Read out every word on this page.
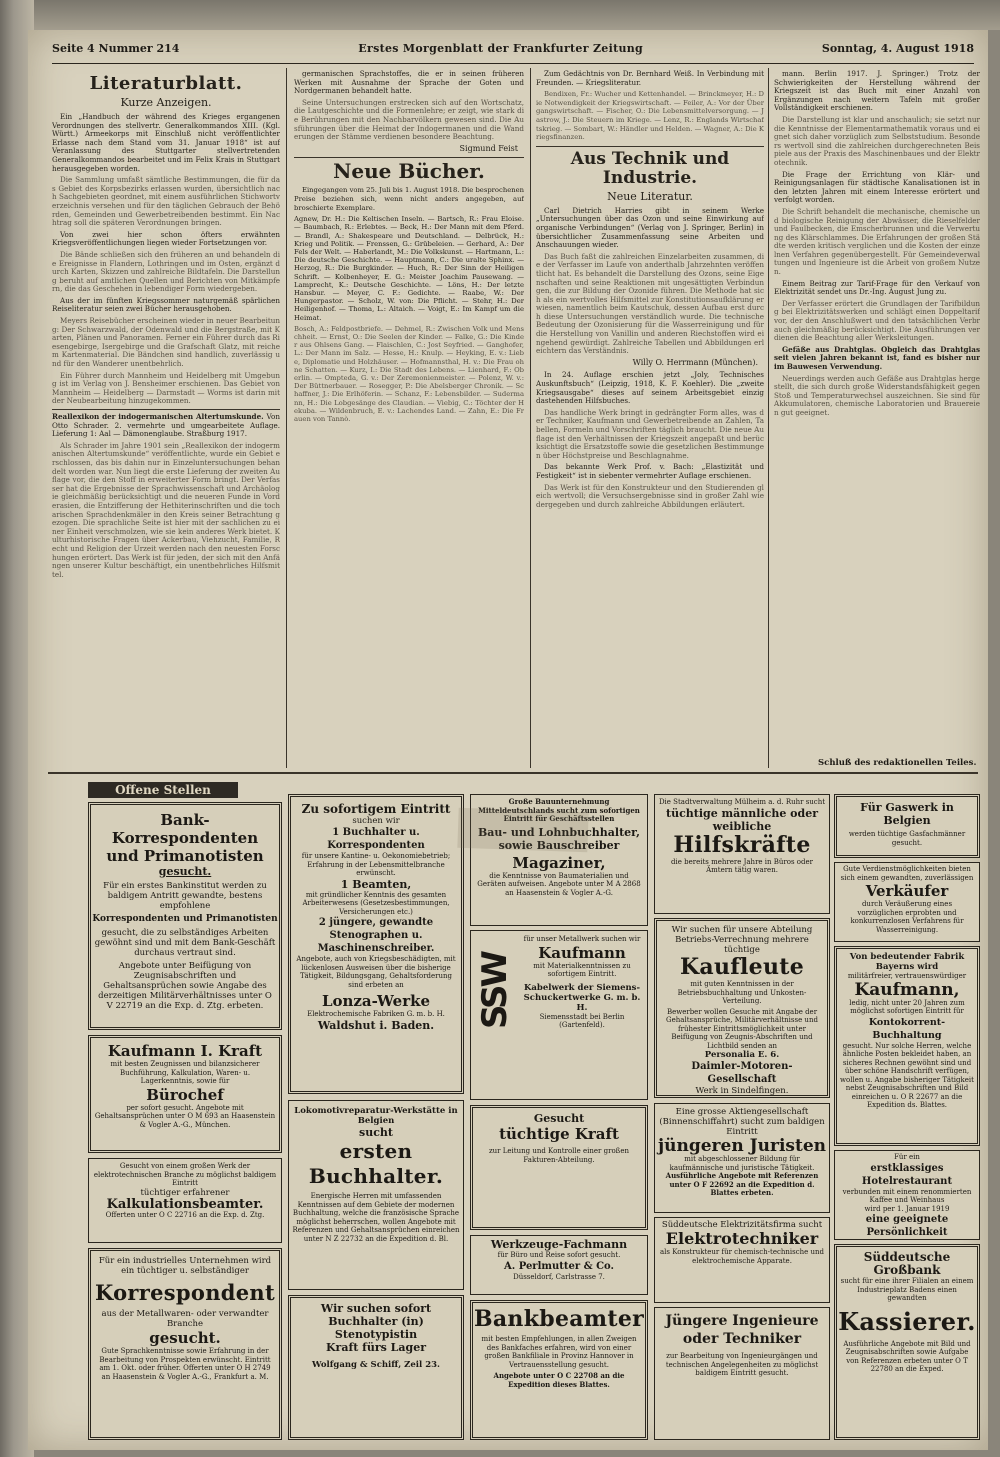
Seite 4 Nummer 214	Erstes Morgenblatt der Frankfurter Zeitung	Sonntag, 4. August 1918
Literaturblatt.
Kurze Anzeigen.

Ein „Handbuch der während des Krieges ergangenen Verordnungen des stellvertr. Generalkommandos XIII. (Kgl. Württ.) Armeekorps mit Einschluß nicht veröffentlichter Erlasse nach dem Stand vom 31. Januar 1918“ ist auf Veranlassung des Stuttgarter stellvertretenden Generalkommandos bearbeitet und im Felix Krais in Stuttgart herausgegeben worden.

Die Sammlung umfaßt sämtliche Bestimmungen, die für das Gebiet des Korpsbezirks erlassen wurden, übersichtlich nach Sachgebieten geordnet, mit einem ausführlichen Stichwortverzeichnis versehen und für den täglichen Gebrauch der Behörden, Gemeinden und Gewerbetreibenden bestimmt. Ein Nachtrag soll die späteren Verordnungen bringen.

Von zwei hier schon öfters erwähnten Kriegsveröffentlichungen liegen wieder Fortsetzungen vor.

Die Bände schließen sich den früheren an und behandeln die Ereignisse in Flandern, Lothringen und im Osten, ergänzt durch Karten, Skizzen und zahlreiche Bildtafeln. Die Darstellung beruht auf amtlichen Quellen und Berichten von Mitkämpfern, die das Geschehen in lebendiger Form wiedergeben.

Aus der im fünften Kriegssommer naturgemäß spärlichen Reiseliteratur seien zwei Bücher herausgehoben.

Meyers Reisebücher erscheinen wieder in neuer Bearbeitung: Der Schwarzwald, der Odenwald und die Bergstraße, mit Karten, Plänen und Panoramen. Ferner ein Führer durch das Riesengebirge, Isergebirge und die Grafschaft Glatz, mit reichem Kartenmaterial. Die Bändchen sind handlich, zuverlässig und für den Wanderer unentbehrlich.

Ein Führer durch Mannheim und Heidelberg mit Umgebung ist im Verlag von J. Bensheimer erschienen. Das Gebiet von Mannheim — Heidelberg — Darmstadt — Worms ist darin mit der Neubearbeitung hinzugekommen.

Reallexikon der indogermanischen Altertumskunde. Von Otto Schrader. 2. vermehrte und umgearbeitete Auflage. Lieferung 1: Aal — Dämonenglaube. Straßburg 1917.

Als Schrader im Jahre 1901 sein „Reallexikon der indogermanischen Altertumskunde“ veröffentlichte, wurde ein Gebiet erschlossen, das bis dahin nur in Einzeluntersuchungen behandelt worden war. Nun liegt die erste Lieferung der zweiten Auflage vor, die den Stoff in erweiterter Form bringt. Der Verfasser hat die Ergebnisse der Sprachwissenschaft und Archäologie gleichmäßig berücksichtigt und die neueren Funde in Vorderasien, die Entzifferung der Hethiterinschriften und die tocharischen Sprachdenkmäler in den Kreis seiner Betrachtung gezogen. Die sprachliche Seite ist hier mit der sachlichen zu einer Einheit verschmolzen, wie sie kein anderes Werk bietet. Kulturhistorische Fragen über Ackerbau, Viehzucht, Familie, Recht und Religion der Urzeit werden nach den neuesten Forschungen erörtert. Das Werk ist für jeden, der sich mit den Anfängen unserer Kultur beschäftigt, ein unentbehrliches Hilfsmittel.

germanischen Sprachstoffes, die er in seinen früheren Werken mit Ausnahme der Sprache der Goten und Nordgermanen behandelt hatte.

Seine Untersuchungen erstrecken sich auf den Wortschatz, die Lautgeschichte und die Formenlehre; er zeigt, wie stark die Berührungen mit den Nachbarvölkern gewesen sind. Die Ausführungen über die Heimat der Indogermanen und die Wanderungen der Stämme verdienen besondere Beachtung.

Sigmund Feist
Neue Bücher.

Eingegangen vom 25. Juli bis 1. August 1918. Die besprochenen Preise beziehen sich, wenn nicht anders angegeben, auf broschierte Exemplare.

Agnew, Dr. H.: Die Keltischen Inseln. — Bartsch, R.: Frau Eloise. — Baumbach, R.: Erlebtes. — Beck, H.: Der Mann mit dem Pferd. — Brandl, A.: Shakespeare und Deutschland. — Delbrück, H.: Krieg und Politik. — Frenssen, G.: Grübeleien. — Gerhard, A.: Der Fels der Welt. — Haberlandt, M.: Die Volkskunst. — Hartmann, L.: Die deutsche Geschichte. — Hauptmann, C.: Die uralte Sphinx. — Herzog, R.: Die Burgkinder. — Huch, R.: Der Sinn der Heiligen Schrift. — Kolbenheyer, E. G.: Meister Joachim Pausewang. — Lamprecht, K.: Deutsche Geschichte. — Löns, H.: Der letzte Hansbur. — Meyer, C. F.: Gedichte. — Raabe, W.: Der Hungerpastor. — Scholz, W. von: Die Pflicht. — Stehr, H.: Der Heiligenhof. — Thoma, L.: Altaich. — Voigt, E.: Im Kampf um die Heimat.

Bosch, A.: Feldpostbriefe. — Dehmel, R.: Zwischen Volk und Menschheit. — Ernst, O.: Die Seelen der Kinder. — Falke, G.: Die Kinder aus Ohlsens Gang. — Flaischlen, C.: Jost Seyfried. — Ganghofer, L.: Der Mann im Salz. — Hesse, H.: Knulp. — Heyking, E. v.: Liebe, Diplomatie und Holzhäuser. — Hofmannsthal, H. v.: Die Frau ohne Schatten. — Kurz, I.: Die Stadt des Lebens. — Lienhard, F.: Oberlin. — Ompteda, G. v.: Der Zeremonienmeister. — Polenz, W. v.: Der Büttnerbauer. — Rosegger, P.: Die Abelsberger Chronik. — Schaffner, J.: Die Erlhöferin. — Schanz, F.: Lebensbilder. — Sudermann, H.: Die Lobgesänge des Claudian. — Viebig, C.: Töchter der Hekuba. — Wildenbruch, E. v.: Lachendes Land. — Zahn, E.: Die Frauen von Tannò.

Zum Gedächtnis von Dr. Bernhard Weiß. In Verbindung mit Freunden. — Kriegsliteratur.

Bendixen, Fr.: Wucher und Kettenhandel. — Brinckmeyer, H.: Die Notwendigkeit der Kriegswirtschaft. — Feiler, A.: Vor der Übergangswirtschaft. — Fischer, O.: Die Lebensmittelversorgung. — Jastrow, J.: Die Steuern im Kriege. — Lenz, R.: Englands Wirtschaftskrieg. — Sombart, W.: Händler und Helden. — Wagner, A.: Die Kriegsfinanzen.

Aus Technik und Industrie.
Neue Literatur.

Carl Dietrich Harries gibt in seinem Werke „Untersuchungen über das Ozon und seine Einwirkung auf organische Verbindungen“ (Verlag von J. Springer, Berlin) in übersichtlicher Zusammenfassung seine Arbeiten und Anschauungen wieder.

Das Buch faßt die zahlreichen Einzelarbeiten zusammen, die der Verfasser im Laufe von anderthalb Jahrzehnten veröffentlicht hat. Es behandelt die Darstellung des Ozons, seine Eigenschaften und seine Reaktionen mit ungesättigten Verbindungen, die zur Bildung der Ozonide führen. Die Methode hat sich als ein wertvolles Hilfsmittel zur Konstitutionsaufklärung erwiesen, namentlich beim Kautschuk, dessen Aufbau erst durch diese Untersuchungen verständlich wurde. Die technische Bedeutung der Ozonisierung für die Wasserreinigung und für die Herstellung von Vanillin und anderen Riechstoffen wird eingehend gewürdigt. Zahlreiche Tabellen und Abbildungen erleichtern das Verständnis.

Willy O. Herrmann (München).

In 24. Auflage erschien jetzt „Joly, Technisches Auskunftsbuch“ (Leipzig, 1918, K. F. Koehler). Die „zweite Kriegsausgabe“ dieses auf seinem Arbeitsgebiet einzig dastehenden Hilfsbuches.

Das handliche Werk bringt in gedrängter Form alles, was der Techniker, Kaufmann und Gewerbetreibende an Zahlen, Tabellen, Formeln und Vorschriften täglich braucht. Die neue Auflage ist den Verhältnissen der Kriegszeit angepaßt und berücksichtigt die Ersatzstoffe sowie die gesetzlichen Bestimmungen über Höchstpreise und Beschlagnahme.

Das bekannte Werk Prof. v. Bach: „Elastizität und Festigkeit“ ist in siebenter vermehrter Auflage erschienen.

Das Werk ist für den Konstrukteur und den Studierenden gleich wertvoll; die Versuchsergebnisse sind in großer Zahl wiedergegeben und durch zahlreiche Abbildungen erläutert.

mann. Berlin 1917. J. Springer.) Trotz der Schwierigkeiten der Herstellung während der Kriegszeit ist das Buch mit einer Anzahl von Ergänzungen nach weitern Tafeln mit großer Vollständigkeit erschienen.

Die Darstellung ist klar und anschaulich; sie setzt nur die Kenntnisse der Elementarmathematik voraus und eignet sich daher vorzüglich zum Selbststudium. Besonders wertvoll sind die zahlreichen durchgerechneten Beispiele aus der Praxis des Maschinenbaues und der Elektrotechnik.

Die Frage der Errichtung von Klär- und Reinigungsanlagen für städtische Kanalisationen ist in den letzten Jahren mit einem Interesse erörtert und verfolgt worden.

Die Schrift behandelt die mechanische, chemische und biologische Reinigung der Abwässer, die Rieselfelder und Faulbecken, die Emscherbrunnen und die Verwertung des Klärschlammes. Die Erfahrungen der großen Städte werden kritisch verglichen und die Kosten der einzelnen Verfahren gegenübergestellt. Für Gemeindeverwaltungen und Ingenieure ist die Arbeit von großem Nutzen.

Einem Beitrag zur Tarif-Frage für den Verkauf von Elektrizität sendet uns Dr.-Ing. August Jung zu.

Der Verfasser erörtert die Grundlagen der Tarifbildung bei Elektrizitätswerken und schlägt einen Doppeltarif vor, der den Anschlußwert und den tatsächlichen Verbrauch gleichmäßig berücksichtigt. Die Ausführungen verdienen die Beachtung aller Werksleitungen.

Gefäße aus Drahtglas. Obgleich das Drahtglas seit vielen Jahren bekannt ist, fand es bisher nur im Bauwesen Verwendung.

Neuerdings werden auch Gefäße aus Drahtglas hergestellt, die sich durch große Widerstandsfähigkeit gegen Stoß und Temperaturwechsel auszeichnen. Sie sind für Akkumulatoren, chemische Laboratorien und Brauereien gut geeignet.

Schluß des redaktionellen Teiles.
Offene Stellen
Bank-Korrespondenten
und Primanotisten
gesucht.
Für ein erstes Bankinstitut werden zu baldigem Antritt gewandte, bestens empfohlene
Korrespondenten und Primanotisten
gesucht, die zu selbständiges Arbeiten gewöhnt sind und mit dem Bank-Geschäft durchaus vertraut sind.
Angebote unter Beifügung von Zeugnisabschriften und Gehaltsansprüchen sowie Angabe des derzeitigen Militärverhältnisses unter O V 22719 an die Exp. d. Ztg. erbeten.
Kaufmann I. Kraft
mit besten Zeugnissen und bilanzsicherer Buchführung, Kalkulation, Waren- u. Lagerkenntnis, sowie für
Bürochef
per sofort gesucht. Angebote mit Gehaltsansprüchen unter O M 693 an Haasenstein & Vogler A.-G., München.
Gesucht von einem großen Werk der elektrotechnischen Branche zu möglichst baldigem Eintritt
tüchtiger erfahrener
Kalkulationsbeamter.
Offerten unter O C 22716 an die Exp. d. Ztg.
Für ein industrielles Unternehmen wird ein tüchtiger u. selbständiger
Korrespondent
aus der Metallwaren- oder verwandter Branche
gesucht.
Gute Sprachkenntnisse sowie Erfahrung in der Bearbeitung von Prospekten erwünscht. Eintritt am 1. Okt. oder früher. Offerten unter O H 2749 an Haasenstein & Vogler A.-G., Frankfurt a. M.
Zu sofortigem Eintritt
suchen wir
1 Buchhalter u. Korrespondenten
für unsere Kantine- u. Oekonomiebetrieb; Erfahrung in der Lebensmittelbranche erwünscht.
1 Beamten,
mit gründlicher Kenntnis des gesamten Arbeiterwesens (Gesetzesbestimmungen, Versicherungen etc.)
2 jüngere, gewandte Stenographen u. Maschinenschreiber.
Angebote, auch von Kriegsbeschädigten, mit lückenlosen Ausweisen über die bisherige Tätigkeit, Bildungsgang, Gehaltsforderung sind erbeten an
Lonza-Werke
Elektrochemische Fabriken G. m. b. H.
Waldshut i. Baden.
Lokomotivreparatur-Werkstätte in Belgien
sucht
ersten Buchhalter.
Energische Herren mit umfassenden Kenntnissen auf dem Gebiete der modernen Buchhaltung, welche die französische Sprache möglichst beherrschen, wollen Angebote mit Referenzen und Gehaltsansprüchen einreichen unter N Z 22732 an die Expedition d. Bl.
Wir suchen sofort
Buchhalter (in)
Stenotypistin
Kraft fürs Lager
Wolfgang & Schiff, Zeil 23.
Große Bauunternehmung Mitteldeutschlands sucht zum sofortigen Eintritt für Geschäftsstellen
Bau- und Lohnbuchhalter, sowie Bauschreiber
Magaziner,
die Kenntnisse von Baumaterialien und Geräten aufweisen. Angebote unter M A 2868 an Haasenstein & Vogler A.-G.
SSW
für unser Metallwerk suchen wir
Kaufmann
mit Materialkenntnissen zu sofortigem Eintritt.
Kabelwerk der Siemens-Schuckertwerke G. m. b. H.
Siemensstadt bei Berlin (Gartenfeld).
Gesucht
tüchtige Kraft
zur Leitung und Kontrolle einer großen Fakturen-Abteilung.
Werkzeuge-Fachmann
für Büro und Reise sofort gesucht.
A. Perlmutter & Co.
Düsseldorf, Carlstrasse 7.
Bankbeamter
mit besten Empfehlungen, in allen Zweigen des Bankfaches erfahren, wird von einer großen Bankfiliale in Provinz Hannover in Vertrauensstellung gesucht.
Angebote unter O C 22708 an die Expedition dieses Blattes.
Die Stadtverwaltung Mülheim a. d. Ruhr sucht
tüchtige männliche oder weibliche
Hilfskräfte
die bereits mehrere Jahre in Büros oder Ämtern tätig waren.
Wir suchen für unsere Abteilung Betriebs-Verrechnung mehrere tüchtige
Kaufleute
mit guten Kenntnissen in der Betriebsbuchhaltung und Unkosten-Verteilung.
Bewerber wollen Gesuche mit Angabe der Gehaltsansprüche, Militärverhältnisse und frühester Eintrittsmöglichkeit unter Beifügung von Zeugnis-Abschriften und Lichtbild senden an
Personalia E. 6.
Daimler-Motoren-Gesellschaft
Werk in Sindelfingen.
Eine grosse Aktiengesellschaft (Binnenschiffahrt) sucht zum baldigen Eintritt
jüngeren Juristen
mit abgeschlossener Bildung für kaufmännische und juristische Tätigkeit.
Ausführliche Angebote mit Referenzen unter O F 22692 an die Expedition d. Blattes erbeten.
Süddeutsche Elektrizitätsfirma sucht
Elektrotechniker
als Konstrukteur für chemisch-technische und elektrochemische Apparate.
Jüngere Ingenieure oder Techniker
zur Bearbeitung von Ingenieurgängen und technischen Angelegenheiten zu möglichst baldigem Eintritt gesucht.
Für Gaswerk in Belgien
werden tüchtige Gasfachmänner gesucht.
Gute Verdienstmöglichkeiten bieten sich einem gewandten, zuverlässigen
Verkäufer
durch Veräußerung eines vorzüglichen erprobten und konkurrenzlosen Verfahrens für Wasserreinigung.
Von bedeutender Fabrik Bayerns wird
militärfreier, vertrauenswürdiger
Kaufmann,
ledig, nicht unter 20 Jahren zum möglichst sofortigen Eintritt für
Kontokorrent-Buchhaltung
gesucht. Nur solche Herren, welche ähnliche Posten bekleidet haben, an sicheres Rechnen gewöhnt sind und über schöne Handschrift verfügen, wollen u. Angabe bisheriger Tätigkeit nebst Zeugnisabschriften und Bild einreichen u. O R 22677 an die Expedition ds. Blattes.
Für ein
erstklassiges Hotelrestaurant
verbunden mit einem renommierten Kaffee und Weinhaus
wird per 1. Januar 1919
eine geeignete Persönlichkeit
Süddeutsche Großbank
sucht für eine ihrer Filialen an einem Industrieplatz Badens einen gewandten
Kassierer.
Ausführliche Angebote mit Bild und Zeugnisabschriften sowie Aufgabe von Referenzen erbeten unter O T 22780 an die Exped.
